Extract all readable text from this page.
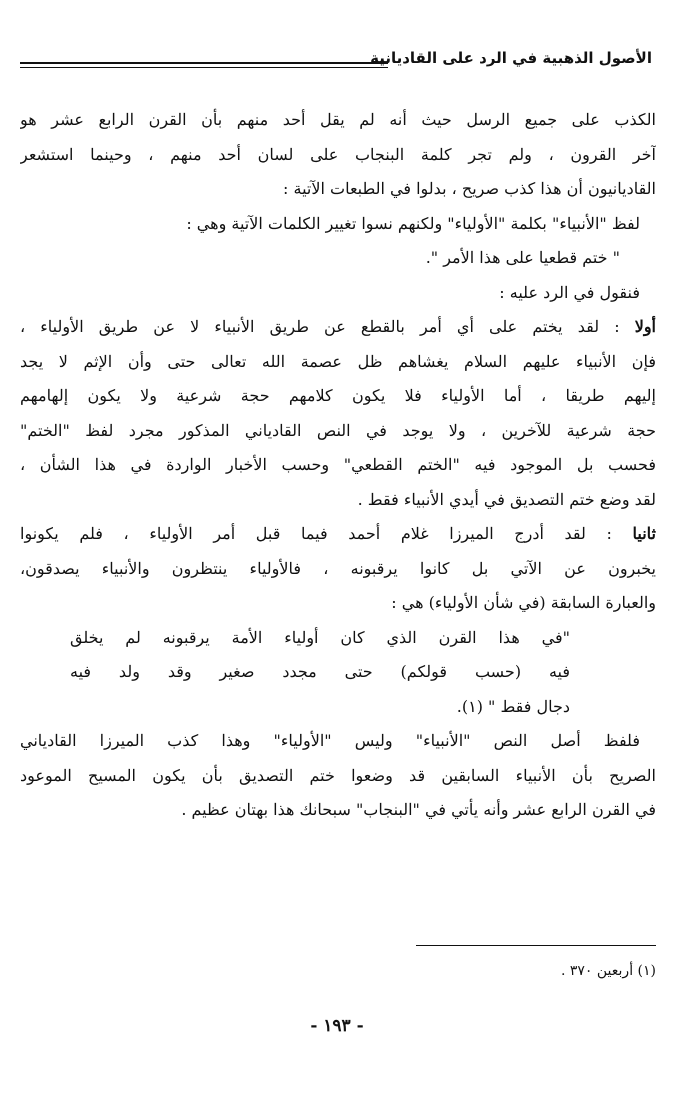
الأصول الذهبية في الرد على القاديانية
الكذب على جميع الرسل حيث أنه لم يقل أحد منهم بأن القرن الرابع عشر هو
آخر القرون ، ولم تجر كلمة البنجاب على لسان أحد منهم ، وحينما استشعر
القاديانيون أن هذا كذب صريح ، بدلوا في الطبعات الآتية :
لفظ "الأنبياء" بكلمة "الأولياء" ولكنهم نسوا تغيير الكلمات الآتية وهي :
" ختم قطعيا على هذا الأمر ".
فنقول في الرد عليه :
أولا : لقد يختم على أي أمر بالقطع عن طريق الأنبياء لا عن طريق الأولياء ،
فإن الأنبياء عليهم السلام يغشاهم ظل عصمة الله تعالى حتى وأن الإثم لا يجد
إليهم طريقا ، أما الأولياء فلا يكون كلامهم حجة شرعية ولا يكون إلهامهم
حجة شرعية للآخرين ، ولا يوجد في النص القادياني المذكور مجرد لفظ "الختم"
فحسب بل الموجود فيه "الختم القطعي" وحسب الأخبار الواردة في هذا الشأن ،
لقد وضع ختم التصديق في أيدي الأنبياء فقط .
ثانيا : لقد أدرج الميرزا غلام أحمد فيما قبل أمر الأولياء ، فلم يكونوا
يخبرون عن الآتي بل كانوا يرقبونه ، فالأولياء ينتظرون والأنبياء يصدقون،
والعبارة السابقة (في شأن الأولياء) هي :
"في هذا القرن الذي كان أولياء الأمة يرقبونه لم يخلق
فيه (حسب قولكم) حتى مجدد صغير وقد ولد فيه
دجال فقط " (١).
فلفظ أصل النص "الأنبياء" وليس "الأولياء" وهذا كذب الميرزا القادياني
الصريح بأن الأنبياء السابقين قد وضعوا ختم التصديق بأن يكون المسيح الموعود
في القرن الرابع عشر وأنه يأتي في "البنجاب" سبحانك هذا بهتان عظيم .
(١) أربعين ٣٧٠ .
- ١٩٣ -
